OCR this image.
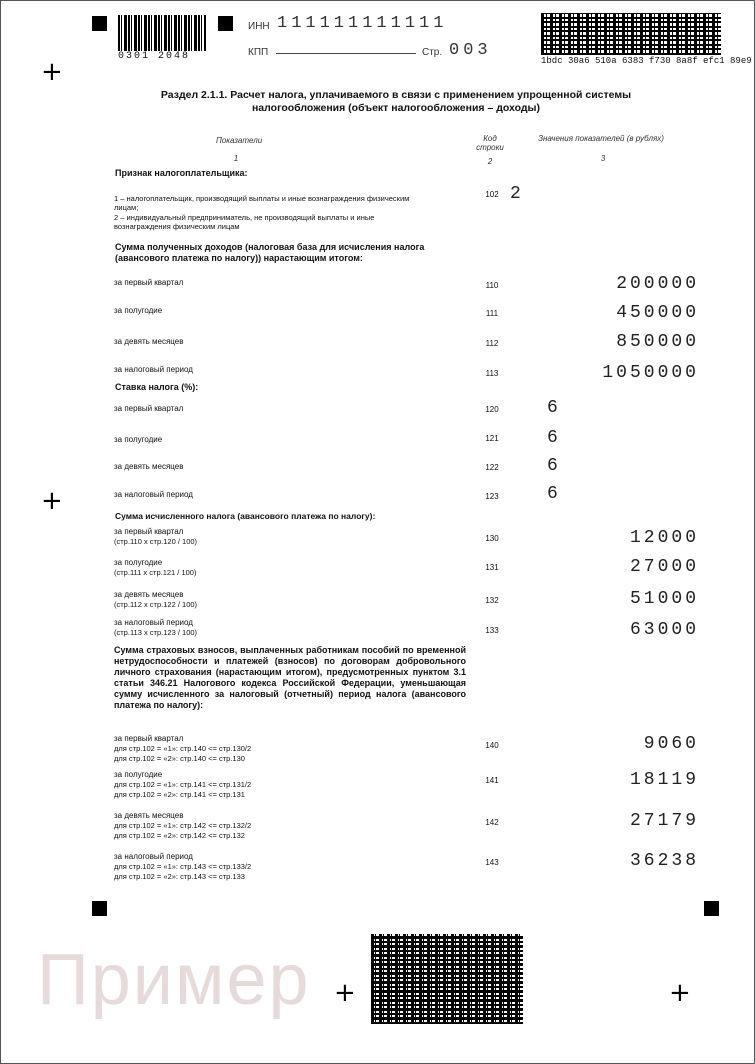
+
+
+	+
0301 2048
ИНН 111111111111
КПП	Стр. 003
1bdc 30a6 510a 6383 f730 8a8f efc1 89e9
Раздел 2.1.1. Расчет налога, уплачиваемого в связи с применением упрощенной системы налогообложения (объект налогообложения – доходы)
Показатели	Код строки
Значения показателей (в рублях)
1	2	3
Признак налогоплательщика:
1 – налогоплательщик, производящий выплаты и иные вознаграждения физическим лицам;
2 – индивидуальный предприниматель, не производящий выплаты и иные вознаграждения физическим лицам
102 2
Сумма полученных доходов (налоговая база для исчисления налога (авансового платежа по налогу)) нарастающим итогом:
за первый квартал	110	200000
за полугодие	111	450000
за девять месяцев	112	850000
за налоговый период	113	1050000
Ставка налога (%):
за первый квартал	120	6
за полугодие	121	6
за девять месяцев	122	6
за налоговый период	123	6
Сумма исчисленного налога (авансового платежа по налогу):
за первый квартал
(стр.110 х стр.120 / 100)	130	12000
за полугодие
(стр.111 х стр.121 / 100)
131	27000
за девять месяцев
(стр.112 х стр.122 / 100)	132	51000
за налоговый период
(стр.113 х стр.123 / 100)	133	63000
Сумма страховых взносов, выплаченных работникам пособий по временной нетрудоспособности и платежей (взносов) по договорам добровольного личного страхования (нарастающим итогом), предусмотренных пунктом 3.1 статьи 346.21 Налогового кодекса Российской Федерации, уменьшающая сумму исчисленного за налоговый (отчетный) период налога (авансового платежа по налогу):
за первый квартал
для стр.102 = «1»: стр.140 <= стр.130/2
для стр.102 = «2»: стр.140 <= стр.130
140	9060
за полугодие
для стр.102 = «1»: стр.141 <= стр.131/2
для стр.102 = «2»: стр.141 <= стр.131
141	18119
за девять месяцев
для стр.102 = «1»: стр.142 <= стр.132/2
для стр.102 = «2»: стр.142 <= стр.132
142	27179
за налоговый период
для стр.102 = «1»: стр.143 <= стр.133/2
для стр.102 = «2»: стр.143 <= стр.133
143	36238
Пример
